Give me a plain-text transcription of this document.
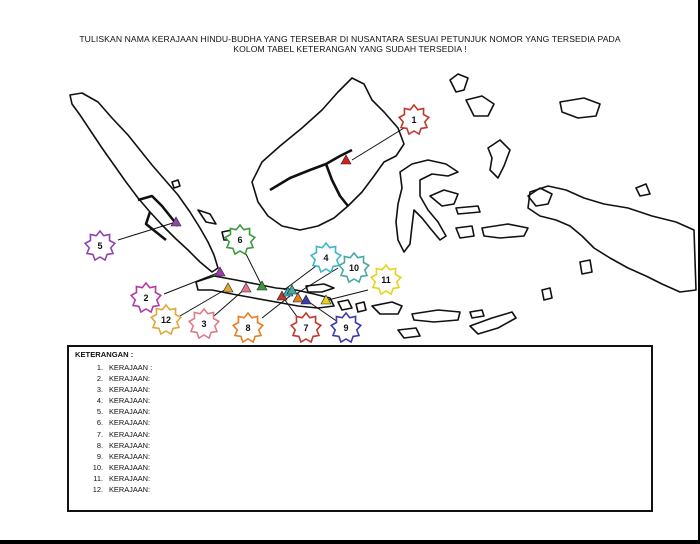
TULISKAN NAMA KERAJAAN HINDU-BUDHA YANG TERSEBAR DI NUSANTARA SESUAI PETUNJUK NOMOR YANG TERSEDIA PADA
KOLOM TABEL KETERANGAN YANG SUDAH TERSEDIA !
1
2
3
4
5
6
7
8	9
10
11
12
KETERANGAN :
1. KERAJAAN :
2. KERAJAAN:
3. KERAJAAN:
4. KERAJAAN:
5. KERAJAAN:
6. KERAJAAN:
7. KERAJAAN:
8. KERAJAAN:
9. KERAJAAN:
10. KERAJAAN:
11. KERAJAAN:
12. KERAJAAN:
